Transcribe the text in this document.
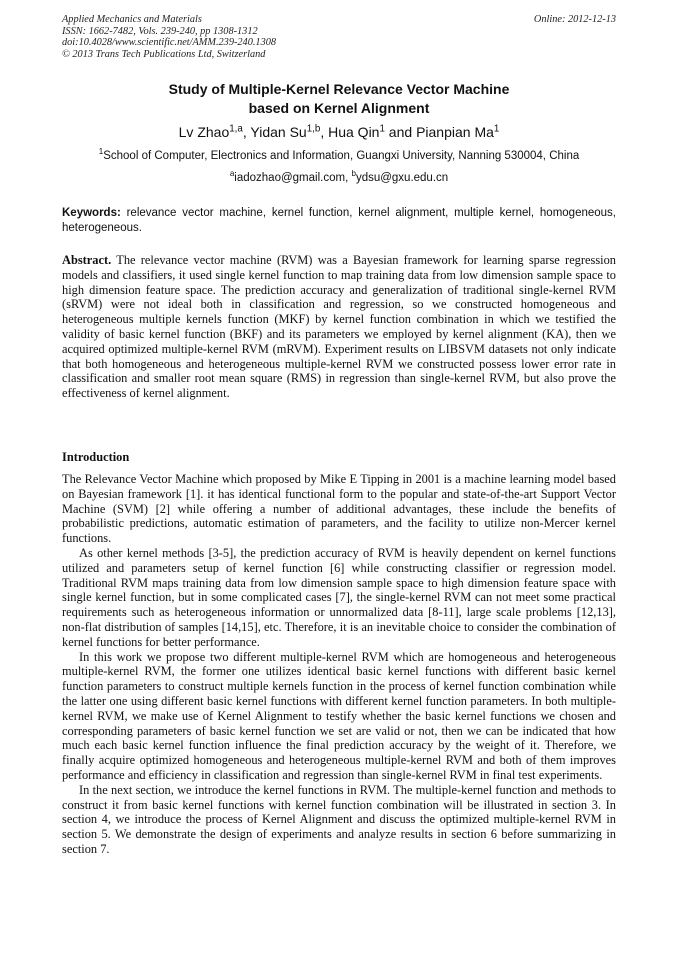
Applied Mechanics and Materials
ISSN: 1662-7482, Vols. 239-240, pp 1308-1312
doi:10.4028/www.scientific.net/AMM.239-240.1308
© 2013 Trans Tech Publications Ltd, Switzerland
Online: 2012-12-13
Study of Multiple-Kernel Relevance Vector Machine
based on Kernel Alignment
Lv Zhao$^{1,a}$, Yidan Su$^{1,b}$, Hua Qin$^1$ and Pianpian Ma$^1$
$^1$School of Computer, Electronics and Information, Guangxi University, Nanning 530004, China
$^a$iadozhao@gmail.com, $^b$ydsu@gxu.edu.cn
Keywords: relevance vector machine, kernel function, kernel alignment, multiple kernel, homogeneous, heterogeneous.
Abstract. The relevance vector machine (RVM) was a Bayesian framework for learning sparse regression models and classifiers, it used single kernel function to map training data from low dimension sample space to high dimension feature space. The prediction accuracy and generalization of traditional single-kernel RVM (sRVM) were not ideal both in classification and regression, so we constructed homogeneous and heterogeneous multiple kernels function (MKF) by kernel function combination in which we testified the validity of basic kernel function (BKF) and its parameters we employed by kernel alignment (KA), then we acquired optimized multiple-kernel RVM (mRVM). Experiment results on LIBSVM datasets not only indicate that both homogeneous and heterogeneous multiple-kernel RVM we constructed possess lower error rate in classification and smaller root mean square (RMS) in regression than single-kernel RVM, but also prove the effectiveness of kernel alignment.
Introduction

The Relevance Vector Machine which proposed by Mike E Tipping in 2001 is a machine learning model based on Bayesian framework [1]. it has identical functional form to the popular and state-of-the-art Support Vector Machine (SVM) [2] while offering a number of additional advantages, these include the benefits of probabilistic predictions, automatic estimation of parameters, and the facility to utilize non-Mercer kernel functions.

As other kernel methods [3-5], the prediction accuracy of RVM is heavily dependent on kernel functions utilized and parameters setup of kernel function [6] while constructing classifier or regression model. Traditional RVM maps training data from low dimension sample space to high dimension feature space with single kernel function, but in some complicated cases [7], the single-kernel RVM can not meet some practical requirements such as heterogeneous information or unnormalized data [8-11], large scale problems [12,13], non-flat distribution of samples [14,15], etc. Therefore, it is an inevitable choice to consider the combination of kernel functions for better performance.

In this work we propose two different multiple-kernel RVM which are homogeneous and heterogeneous multiple-kernel RVM, the former one utilizes identical basic kernel functions with different basic kernel function parameters to construct multiple kernels function in the process of kernel function combination while the latter one using different basic kernel functions with different kernel function parameters. In both multiple-kernel RVM, we make use of Kernel Alignment to testify whether the basic kernel functions we chosen and corresponding parameters of basic kernel function we set are valid or not, then we can be indicated that how much each basic kernel function influence the final prediction accuracy by the weight of it. Therefore, we finally acquire optimized homogeneous and heterogeneous multiple-kernel RVM and both of them improves performance and efficiency in classification and regression than single-kernel RVM in final test experiments.

In the next section, we introduce the kernel functions in RVM. The multiple-kernel function and methods to construct it from basic kernel functions with kernel function combination will be illustrated in section 3. In section 4, we introduce the process of Kernel Alignment and discuss the optimized multiple-kernel RVM in section 5. We demonstrate the design of experiments and analyze results in section 6 before summarizing in section 7.
